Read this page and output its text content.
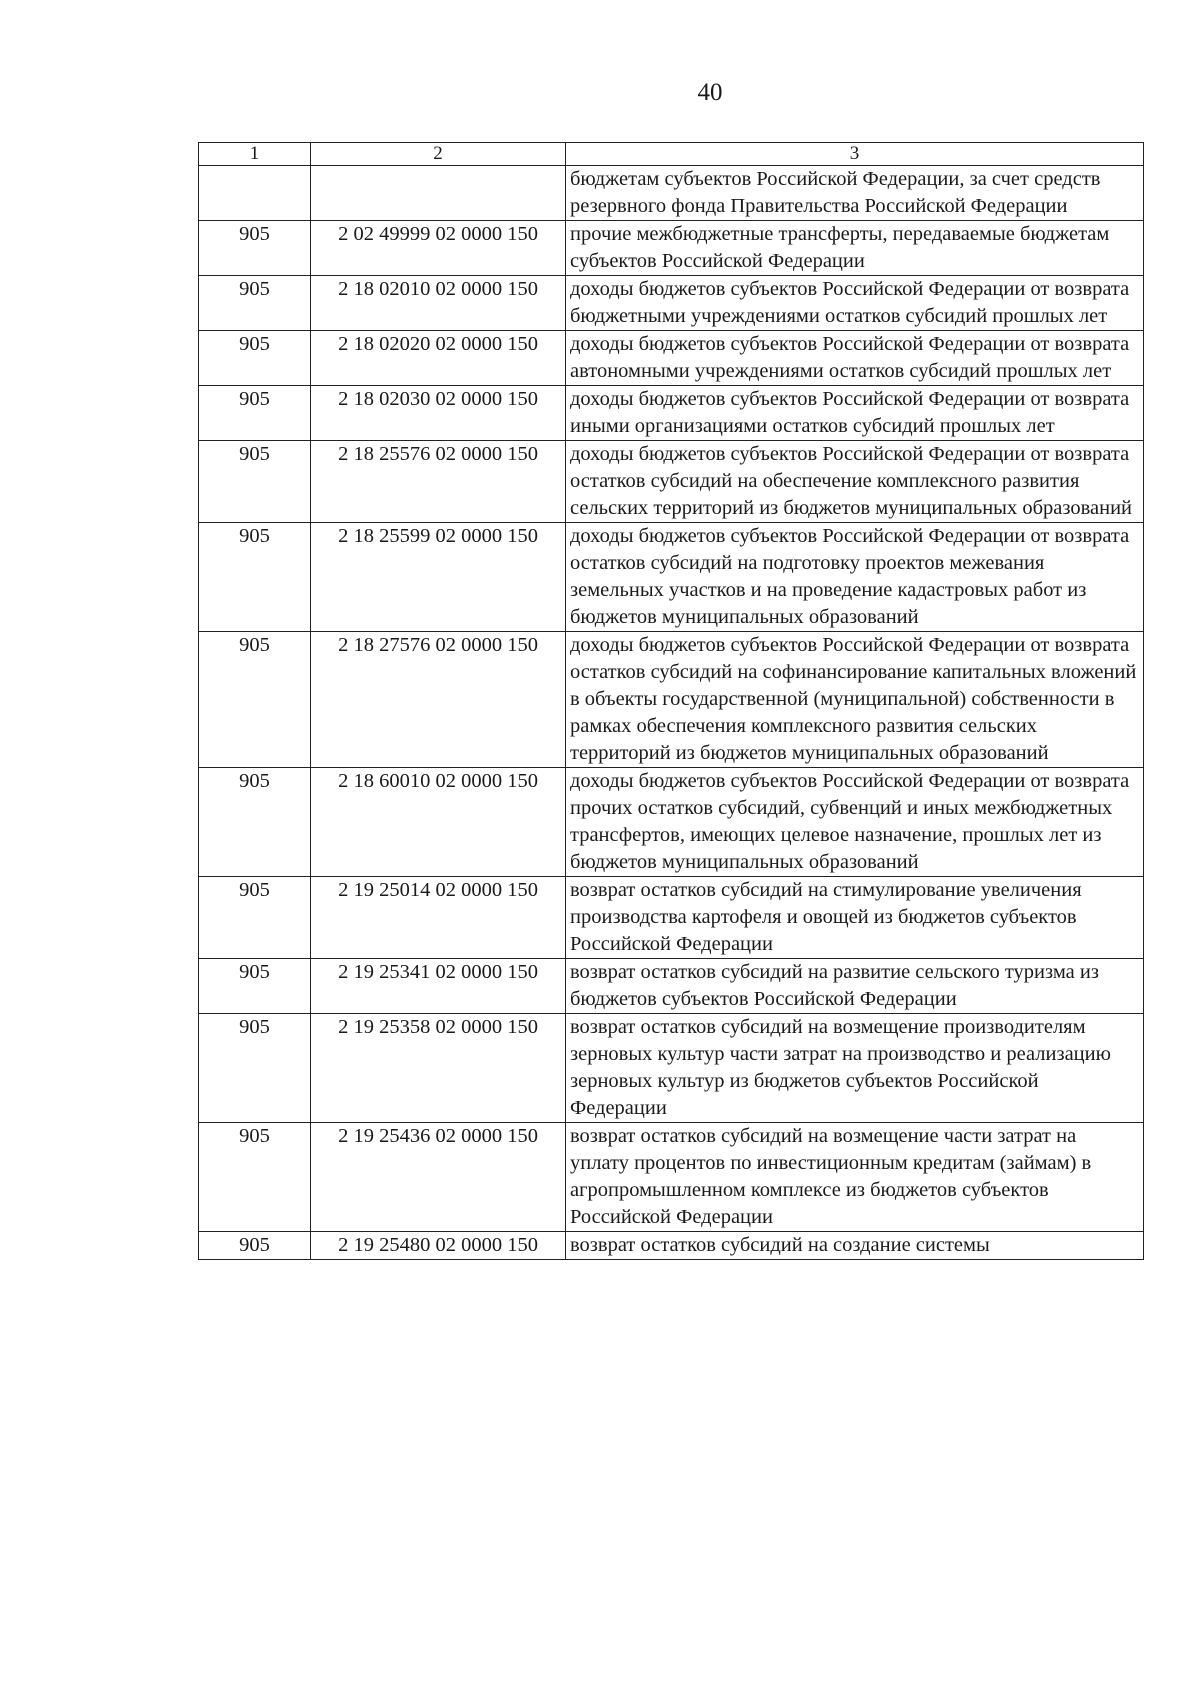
40
1	2	3
		бюджетам субъектов Российской Федерации, за счет средств резервного фонда Правительства Российской Федерации
905	2 02 49999 02 0000 150	прочие межбюджетные трансферты, передаваемые бюджетам субъектов Российской Федерации
905	2 18 02010 02 0000 150	доходы бюджетов субъектов Российской Федерации от возврата бюджетными учреждениями остатков субсидий прошлых лет
905	2 18 02020 02 0000 150	доходы бюджетов субъектов Российской Федерации от возврата автономными учреждениями остатков субсидий прошлых лет
905	2 18 02030 02 0000 150	доходы бюджетов субъектов Российской Федерации от возврата иными организациями остатков субсидий прошлых лет
905	2 18 25576 02 0000 150	доходы бюджетов субъектов Российской Федерации от возврата остатков субсидий на обеспечение комплексного развития сельских территорий из бюджетов муниципальных образований
905	2 18 25599 02 0000 150	доходы бюджетов субъектов Российской Федерации от возврата остатков субсидий на подготовку проектов межевания земельных участков и на проведение кадастровых работ из бюджетов муниципальных образований
905	2 18 27576 02 0000 150	доходы бюджетов субъектов Российской Федерации от возврата остатков субсидий на софинансирование капитальных вложений в объекты государственной (муниципальной) собственности в рамках обеспечения комплексного развития сельских территорий из бюджетов муниципальных образований
905	2 18 60010 02 0000 150	доходы бюджетов субъектов Российской Федерации от возврата прочих остатков субсидий, субвенций и иных межбюджетных трансфертов, имеющих целевое назначение, прошлых лет из бюджетов муниципальных образований
905	2 19 25014 02 0000 150	возврат остатков субсидий на стимулирование увеличения производства картофеля и овощей из бюджетов субъектов Российской Федерации
905	2 19 25341 02 0000 150	возврат остатков субсидий на развитие сельского туризма из бюджетов субъектов Российской Федерации
905	2 19 25358 02 0000 150	возврат остатков субсидий на возмещение производителям зерновых культур части затрат на производство и реализацию зерновых культур из бюджетов субъектов Российской Федерации
905	2 19 25436 02 0000 150	возврат остатков субсидий на возмещение части затрат на уплату процентов по инвестиционным кредитам (займам) в агропромышленном комплексе из бюджетов субъектов Российской Федерации
905	2 19 25480 02 0000 150	возврат остатков субсидий на создание системы
